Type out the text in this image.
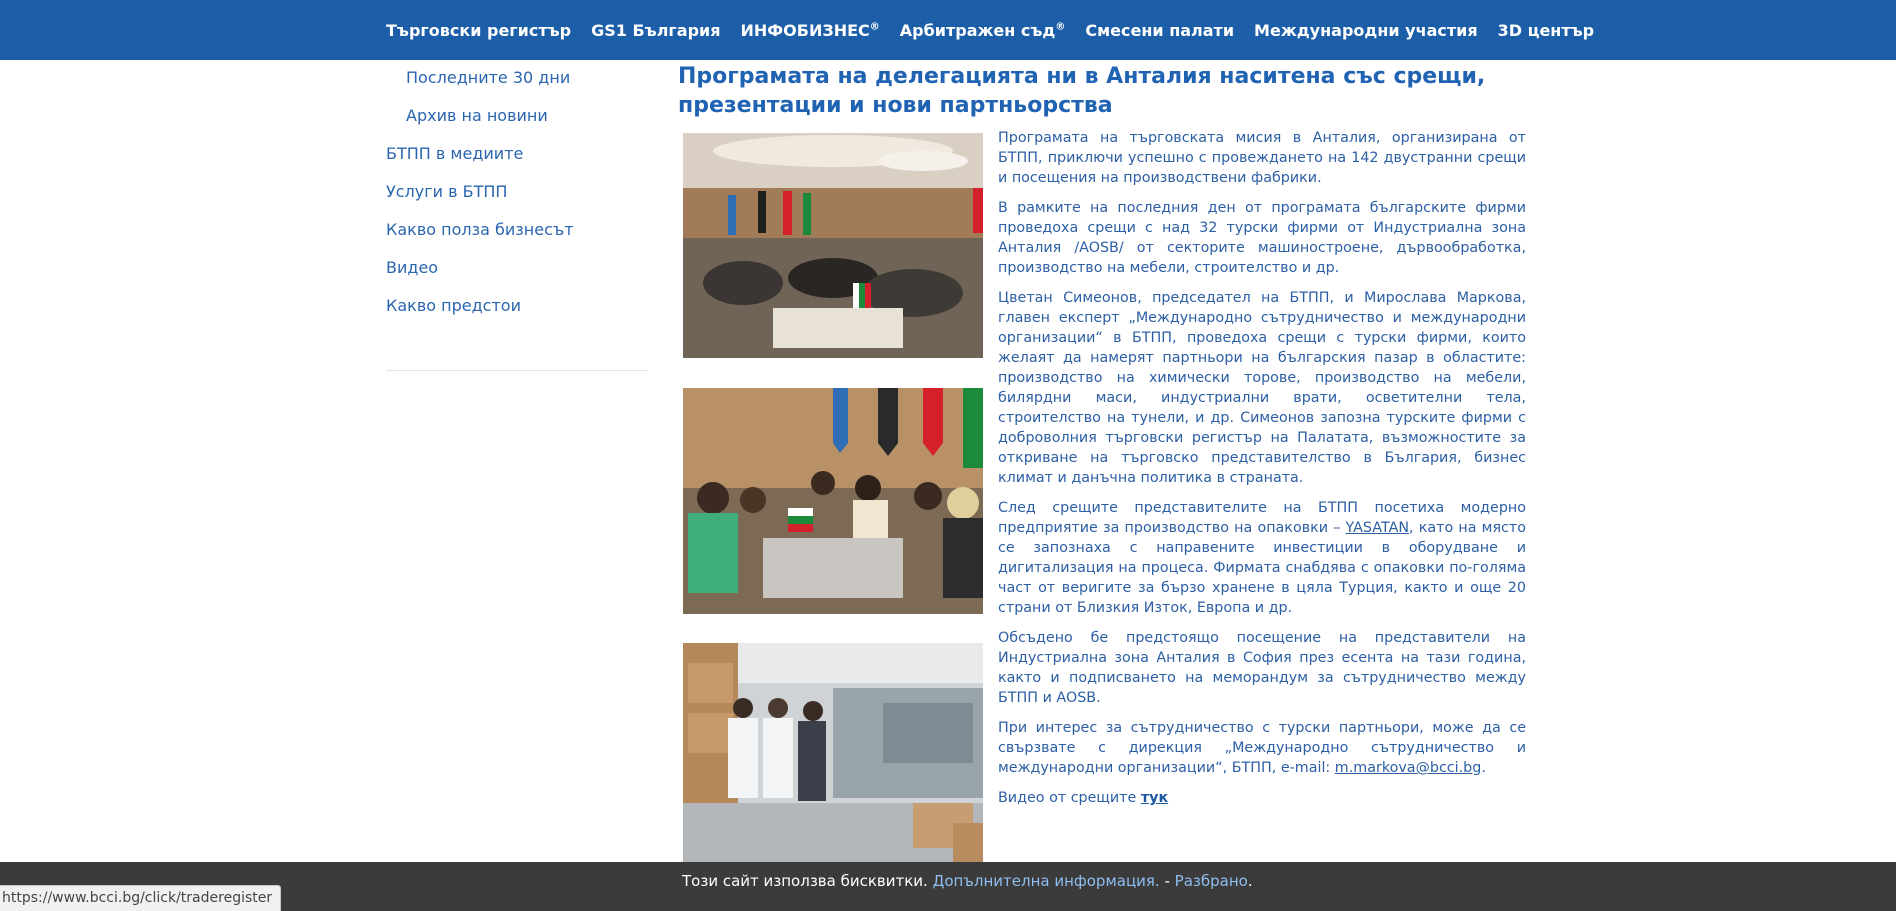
Търговски регистър GS1 България ИНФОБИЗНЕС® Арбитражен съд® Смесени палати Международни участия 3D център
Последните 30 дни
Архив на новини
БТПП в медиите
Услуги в БТПП
Какво полза бизнесът
Видео
Какво предстои
Програмата на делегацията ни в Анталия наситена със срещи, презентации и нови партньорства

Програмата на търговската мисия в Анталия, организирана от БТПП, приключи успешно с провеждането на 142 двустранни срещи и посещения на производствени фабрики.

В рамките на последния ден от програмата българските фирми проведоха срещи с над 32 турски фирми от Индустриална зона Анталия /AOSB/ от секторите машиностроене, дървообработка, производство на мебели, строителство и др.

Цветан Симеонов, председател на БТПП, и Мирослава Маркова, главен експерт „Международно сътрудничество и международни организации“ в БТПП, проведоха срещи с турски фирми, които желаят да намерят партньори на българския пазар в областите: производство на химически торове, производство на мебели, билярдни маси, индустриални врати, осветителни тела, строителство на тунели, и др. Симеонов запозна турските фирми с доброволния търговски регистър на Палатата, възможностите за откриване на търговско представителство в България, бизнес климат и данъчна политика в страната.

След срещите представителите на БТПП посетиха модерно предприятие за производство на опаковки – YASATAN, като на място се запознаха с направените инвестиции в оборудване и дигитализация на процеса. Фирмата снабдява с опаковки по-голяма част от веригите за бързо хранене в цяла Турция, както и още 20 страни от Близкия Изток, Европа и др.

Обсъдено бе предстоящо посещение на представители на Индустриална зона Анталия в София през есента на тази година, както и подписването на меморандум за сътрудничество между БТПП и AOSB.

При интерес за сътрудничество с турски партньори, може да се свързвате с дирекция „Международно сътрудничество и международни организации“, БТПП, e-mail: m.markova@bcci.bg.

Видео от срещите тук

Този сайт използва бисквитки. Допълнителна информация. - Разбрано.
https://www.bcci.bg/click/traderegister
